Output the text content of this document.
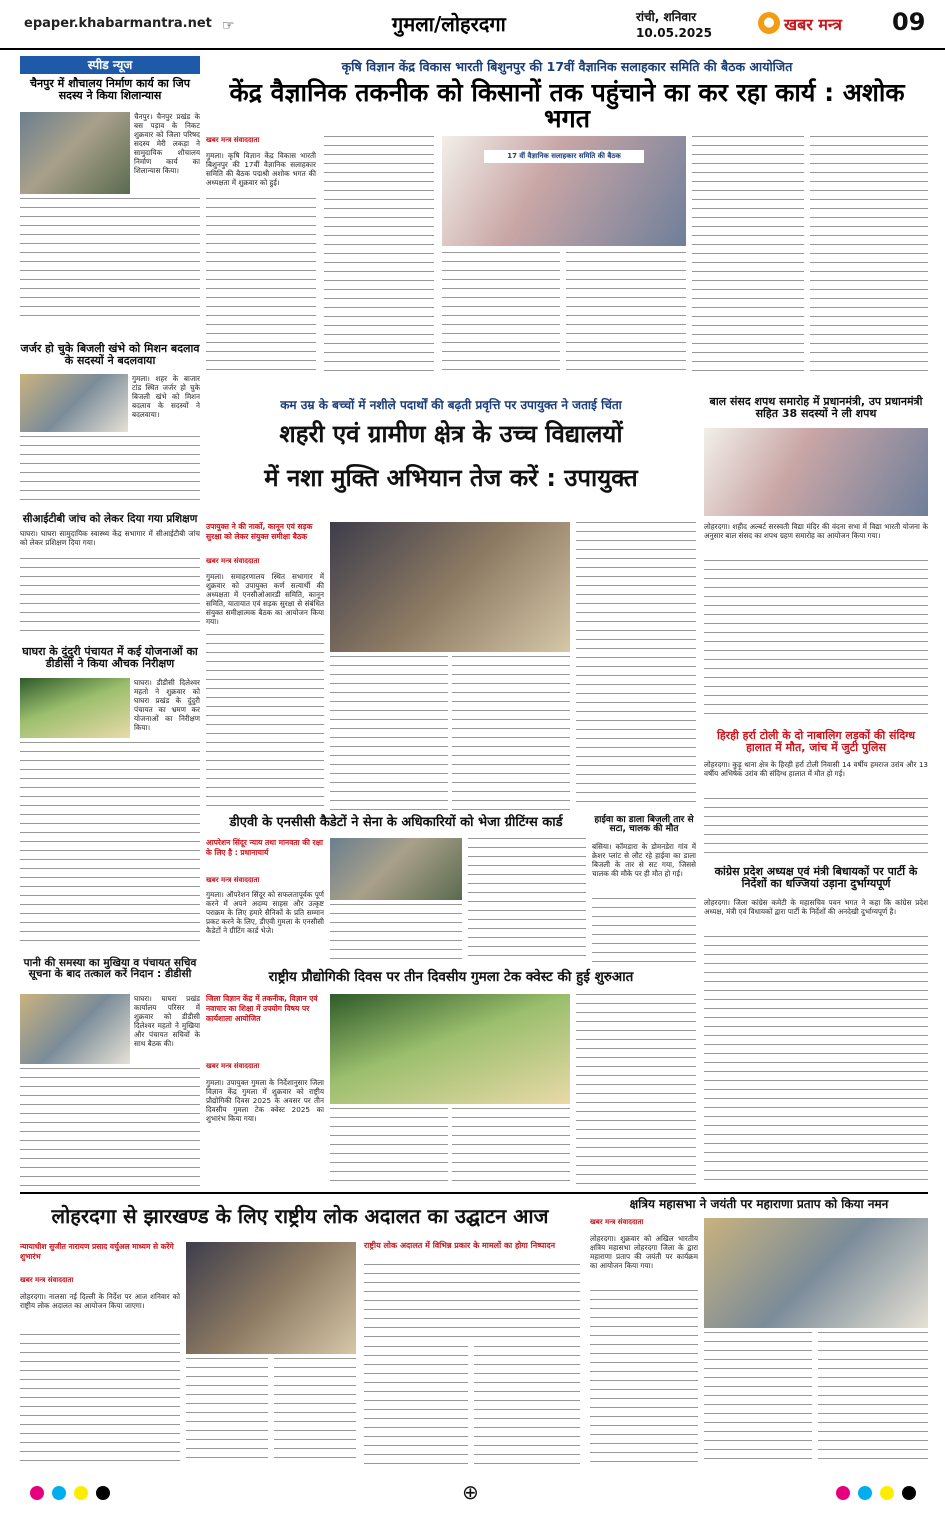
epaper.khabarmantra.net ☞	गुमला/लोहरदगा	रांची, शनिवार
10.05.2025
● खबर मन्त्र 09
स्पीड न्यूज
चैनपुर में शौचालय निर्माण कार्य का जिप सदस्य ने किया शिलान्यास
चैनपुर। चैनपुर प्रखंड के बस पड़ाव के निकट शुक्रवार को जिला परिषद सदस्य मेरी लकड़ा ने सामुदायिक शौचालय निर्माण कार्य का शिलान्यास किया।
जर्जर हो चुके बिजली खंभे को मिशन बदलाव के सदस्यों ने बदलवाया
गुमला। शहर के बाजार टांड स्थित जर्जर हो चुके बिजली खंभे को मिशन बदलाव के सदस्यों ने बदलवाया।
सीआईटीबी जांच को लेकर दिया गया प्रशिक्षण
घाघरा। घाघरा सामुदायिक स्वास्थ्य केंद्र सभागार में सीआईटीबी जांच को लेकर प्रशिक्षण दिया गया।
घाघरा के दुंदुरी पंचायत में कई योजनाओं का डीडीसी ने किया औचक निरीक्षण
घाघरा। डीडीसी दिलेश्वर महतो ने शुक्रवार को घाघरा प्रखंड के दुंदुरी पंचायत का भ्रमण कर योजनाओं का निरीक्षण किया।
पानी की समस्या का मुखिया व पंचायत सचिव सूचना के बाद तत्काल करें निदान : डीडीसी
घाघरा। घाघरा प्रखंड कार्यालय परिसर में शुक्रवार को डीडीसी दिलेश्वर महतो ने मुखिया और पंचायत सचिवों के साथ बैठक की।
कृषि विज्ञान केंद्र विकास भारती बिशुनपुर की 17वीं वैज्ञानिक सलाहकार समिति की बैठक आयोजित
केंद्र वैज्ञानिक तकनीक को किसानों तक पहुंचाने का कर रहा कार्य : अशोक भगत
खबर मन्त्र संवाददाता
गुमला। कृषि विज्ञान केंद्र विकास भारती बिशुनपुर की 17वीं वैज्ञानिक सलाहकार समिति की बैठक पद्मश्री अशोक भगत की अध्यक्षता में शुक्रवार को हुई।
17 वीं वैज्ञानिक सलाहकार समिति की बैठक
कम उम्र के बच्चों में नशीले पदार्थों की बढ़ती प्रवृत्ति पर उपायुक्त ने जताई चिंता
शहरी एवं ग्रामीण क्षेत्र के उच्च विद्यालयों
में नशा मुक्ति अभियान तेज करें : उपायुक्त
उपायुक्त ने की नार्को, कानून एवं सड़क सुरक्षा को लेकर संयुक्त समीक्षा बैठक
खबर मन्त्र संवाददाता
गुमला। समाहरणालय स्थित सभागार में शुक्रवार को उपायुक्त कर्ण सत्यार्थी की अध्यक्षता में एनसीओआरडी समिति, कानून समिति, यातायात एवं सड़क सुरक्षा से संबंधित संयुक्त समीक्षात्मक बैठक का आयोजन किया गया।
बाल संसद शपथ समारोह में प्रधानमंत्री, उप प्रधानमंत्री सहित 38 सदस्यों ने ली शपथ
लोहरदगा। शहीद अल्बर्ट सरस्वती विद्या मंदिर की वंदना सभा में विद्या भारती योजना के अनुसार बाल संसद का शपथ ग्रहण समारोह का आयोजन किया गया।
हिरही हर्रा टोली के दो नाबालिग लड़कों की संदिग्ध हालात में मौत, जांच में जुटी पुलिस
लोहरदगा। कुड़ू थाना क्षेत्र के हिरही हर्रा टोली निवासी 14 वर्षीय हमराज उरांव और 13 वर्षीय अभिषेक उरांव की संदिग्ध हालात में मौत हो गई।
कांग्रेस प्रदेश अध्यक्ष एवं मंत्री बिधायकों पर पार्टी के निर्देशों का धज्जियां उड़ाना दुर्भाग्यपूर्ण
लोहरदगा। जिला कांग्रेस कमेटी के महासचिव पवन भगत ने कहा कि कांग्रेस प्रदेश अध्यक्ष, मंत्री एवं विधायकों द्वारा पार्टी के निर्देशों की अनदेखी दुर्भाग्यपूर्ण है।
डीएवी के एनसीसी कैडेटों ने सेना के अधिकारियों को भेजा ग्रीटिंग्स कार्ड
आपरेशन सिंदूर न्याय तथा मानवता की रक्षा के लिए है : प्रधानाचार्य
खबर मन्त्र संवाददाता
गुमला। ऑपरेशन सिंदूर को सफलतापूर्वक पूर्ण करने में अपने अदम्य साहस और उत्कृष्ट पराक्रम के लिए हमारे सैनिकों के प्रति सम्मान प्रकट करने के लिए, डीएवी गुमला के एनसीसी कैडेटों ने ग्रीटिंग कार्ड भेजे।
हाईवा का डाला बिजली तार से सटा, चालक की मौत
बसिया। कॉमडारा के डोमनडेरा गांव में क्रेशर प्लांट से लौट रहे हाईवा का डाला बिजली के तार से सट गया, जिससे चालक की मौके पर ही मौत हो गई।
राष्ट्रीय प्रौद्योगिकी दिवस पर तीन दिवसीय गुमला टेक क्वेस्ट की हुई शुरुआत
जिला विज्ञान केंद्र में तकनीक, विज्ञान एवं नवाचार का शिक्षा में उपयोग विषय पर कार्यशाला आयोजित
खबर मन्त्र संवाददाता
गुमला। उपायुक्त गुमला के निर्देशानुसार जिला विज्ञान केंद्र गुमला में शुक्रवार को राष्ट्रीय प्रौद्योगिकी दिवस 2025 के अवसर पर तीन दिवसीय गुमला टेक क्वेस्ट 2025 का शुभारंभ किया गया।
लोहरदगा से झारखण्ड के लिए राष्ट्रीय लोक अदालत का उद्घाटन आज
न्यायाधीश सुजीत नारायण प्रसाद वर्चुअल माध्यम से करेंगे शुभारंभ
खबर मन्त्र संवाददाता
लोहरदगा। नालसा नई दिल्ली के निर्देश पर आज शनिवार को राष्ट्रीय लोक अदालत का आयोजन किया जाएगा।
राष्ट्रीय लोक अदालत में विभिन्न प्रकार के मामलों का होगा निष्पादन
क्षत्रिय महासभा ने जयंती पर महाराणा प्रताप को किया नमन
खबर मन्त्र संवाददाता
लोहरदगा। शुक्रवार को अखिल भारतीय क्षत्रिय महासभा लोहरदगा जिला के द्वारा महाराणा प्रताप की जयंती पर कार्यक्रम का आयोजन किया गया।
⊕
